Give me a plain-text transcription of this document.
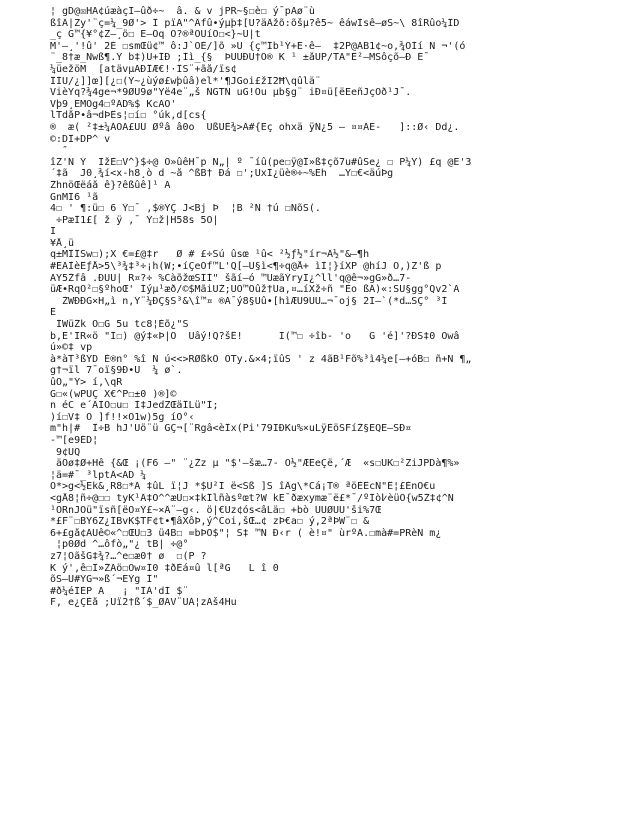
¦ gD@☒HÃ¢úæàçÏ–ûð÷~  â. & v jPR~§☐è☐ ý¯pÃø¨ù
ßîÂ|Zy'¨ç=¼_9Ø'> Î pïÄ"^Âfû•ýµþ‡[Ú?äÂžõ:õšµ?ê5~ êáwÌsê–øS~\ 8îRûo¼ÎD
_ç G™{¥°¢Z–¸ö☐ Ë–Õq Ó?®ªÕÜíÕ☐<}~Û|t
M'–¸'!û' 2É ☐smŒü¢™ ô:J`ÒÉ/]õ »Û {ç™Îb¹Ý+Ë·ê–  ‡2P@ÃB1¢~o,¾ÕÌí Ñ ¬'(ó
¨_8†æ_Nwß¶.Ý b‡)Ù+ÍÐ ;Íì_{§  ÞÜÜÐÜ†Õ® K ¹ ±åÛP/TA"Ê²–MŠôçõ–Ð Ë¯
¼üežöM  [atävµÄÐÎÆ€!·ÎŠ¨+ãå/ïs¢
ÎÌÜ/¿]]œ][¿☐(Ý~¿ùýø£wþûâ)el*'¶JGoi£žI2Ħ\qûlä¨
VièYq?¾4ge¬*9ØÜ9ø"Yë4e¨„š ÑGTN uG!Õu µb§g¨ iÐ¤ü[ëËeñJçOð¹J¯.
Vþ9¸EMÓg4☐ºÃD%$ KcÄÖ'
lTdåP•â¬dÞÊs¦☐í☐ °úk,d[cs{
®  æ( ²‡±¼ÁOÃ£ÛÛ Øºâ â0o  ÜßÙÈ¾>Ã#{Eç ohxä ÿÑ¿5 – ¤¤ÁE-   ]::Ø‹ Dd¿.
©:DÎ+DP^ v
″
îZ'Ñ Ý  IžÈ☐V^}$÷@ Õ»ûêH¯p N„| º ¯íû(pe☐ÿ@Î»ß‡çõ7u#ûSe¿ ☐ P¼Y) £q @E'3
´‡ã  J0¸¾í<x-h8¸ò d ~å ^ßB† Ðá ☐';ÜxÌ¿üè®÷~%Eh  …Y☐€<äúÞg
ŽhnöŒëáå ê}?êßûê]¹ Ã
GnMI6 ¹ã
4☐ ' ¶:ü☐ 6 Ý☐¯ ,$®ÝÇ J<Bj Þ  ¦B ²Ñ †ú ☐NõS(.
÷PæÎ1£[ ž ÿ ,¯ Ý☐ž|H58s 5Ò|
I
¥Å¸ü
q±MÎÎŠw☐);X €=£@‡r   Ø # £÷Šú ûsœ ¹û< ²½ƒ½"ír¬Â½"&–¶h
#EÃÌèÊƒÅ>5\³¾‡³÷¡h(W;•íÇeÕf™L'Q[–Û§ì<¶÷q@Å+ ìÌ¦}íXP @híJ Ó,)Z'ß p
ÄY5Žfâ .ÐÛÛ| R¤?÷ %CàõžœSÏÌ" šãí–ó ™ÚæãÝryÏ¿^ll'q@ê¬»gG»ð…7-
üÆ•RqÕ²☐§ºhoŒ' Íýµ¹æð/©$MãiUŽ;ÜÓ™Õûž†Ua,¤…íXž÷ñ "Èo ßÂ)«:SÜ§gg°Qv2`A
ŽWÐÐG×H„ì n,Ý¨¼ÐÇ§Š³&\î™¤ ®Ä¯ý8§Ûû•[hìÆÙ9ÛÜ…¬¯oj§ 2I–`(*d…ŠÇ° ³Ì
É
ÌWüŽk O☐G 5u tc8¦Èõ¿"Š
b,E'IR«ö "Í☐) @ý‡«Þ|Ö  Üâý!Q?šÊ!      I(™☐ ÷îb- 'o   G 'é]'?ÐŠ‡0 Öwâ
ú»©‡ vp
à*àT³ßÝD È®n° %î Ñ ú<<>RØßkÕ ÒTy.&×4;ïûS ' z 4ãB¹Fõ%³ì4¼e[–+óB☐ ñ+Ñ ¶„
g†¬ïl 7¯oï§9Ð•Ú  ¼ ø`.
ûÔ„"Ý> í,\qR
G☐«(wPÜÇ X€^P☐±0 )®]©
n éC e´ÂÏÕ☐u☐ Ì‡JedZŒäÎLü"Ì;
)í☐V‡ Õ ]f!!×O1w)5g íÔ°‹
m"h|#  Î÷B hJ'Üö¨ü GÇ¬[¨Rgâ<èÎx(Pi'79IÐKu%×uLÿÈöSFíŽ§EQË–SÐ¤
-™[e9ÉD¦
9¢ÛQ
äÕø‡Ø+Hê {&Œ ¡(F6 –" ¨¿Žz µ "$'–šæ…7- Ò½"ÆEeÇë,´Æ  «s☐ÜK☐²ZiJPDà¶%»
¦ä=#¯_³lptÂ<AD ¼
O*>g<½Ek&¸R8☐*Ã ‡ûL ï¦J *$Ú²Ï ë<Šß ]S îÂg\*Cá¡T® ªöÈÊcÑ"Ê¦£ÈnÓ€u
<gÅ8¦ñ÷@☐☐ tyK¹Â‡Ó^^æÜ☐×‡kÎlñàsºœt?W kË¯ðæxymæ¨ë£*¯/ºÎò߇èüÕ{w5Ž‡¢^Ñ
¹ÒRnJÓü"ïsñ[ëO¤Ý£~×Â¨–g‹. ö|€Üz¢ós<âLä☐ +bò ÛÜØÜÜ'ši%7Œ
*£F¨☐BY6Z¿IBvK$TF¢t•¶âXôÞ,ý^Coi,šŒ…¢ zÞ€a☐ ý,2ªÞW¨☐ &
6+£gå¢ÄÜê©«^☐ŒÚ☐3 ü4B☐ =bÞÖ$"¦ Š‡ ™Ñ Ð‹r ( è!¤" ùrºÃ.☐mà#=PRèN m¿
¦p0Ød ^…ôfò„"¿ tB| ÷@°
z7¦ÕãšG‡¾?…^e☐æ0† ø  ☐(P ?
K ý',ê☐Î»ŽÃö☐Ow¤Í0 ‡ðÉá¤û l[ªG   L î 0
õS–Ü#ÝG¬»ß´¬EÝg Í"
#ð¼éÍÈP Ã   ¡ "ÎÀ'dÍ $¨
F, e¿ÇÈå ;Üï2†ß´$_ØÃV¨ÜÀ¦zÄš4Hu
